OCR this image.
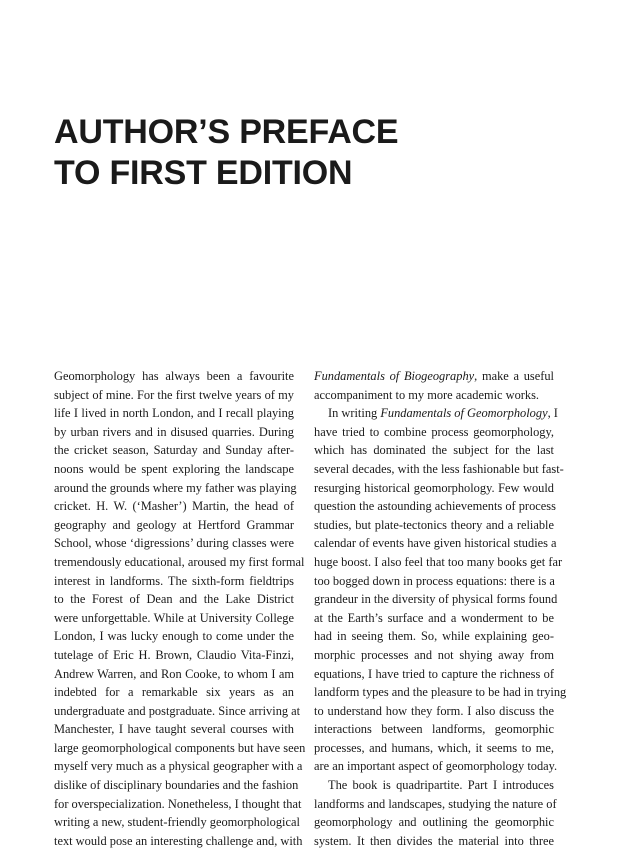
AUTHOR’S PREFACE
TO FIRST EDITION
Geomorphology has always been a favourite
subject of mine. For the first twelve years of my
life I lived in north London, and I recall playing
by urban rivers and in disused quarries. During
the cricket season, Saturday and Sunday after-
noons would be spent exploring the landscape
around the grounds where my father was playing
cricket. H. W. (‘Masher’) Martin, the head of
geography and geology at Hertford Grammar
School, whose ‘digressions’ during classes were
tremendously educational, aroused my first formal
interest in landforms. The sixth-form fieldtrips
to the Forest of Dean and the Lake District
were unforgettable. While at University College
London, I was lucky enough to come under the
tutelage of Eric H. Brown, Claudio Vita-Finzi,
Andrew Warren, and Ron Cooke, to whom I am
indebted for a remarkable six years as an
undergraduate and postgraduate. Since arriving at
Manchester, I have taught several courses with
large geomorphological components but have seen
myself very much as a physical geographer with a
dislike of disciplinary boundaries and the fashion
for overspecialization. Nonetheless, I thought that
writing a new, student-friendly geomorphological
text would pose an interesting challenge and, with
Fundamentals of Biogeography, make a useful
accompaniment to my more academic works.
In writing Fundamentals of Geomorphology, I
have tried to combine process geomorphology,
which has dominated the subject for the last
several decades, with the less fashionable but fast-
resurging historical geomorphology. Few would
question the astounding achievements of process
studies, but plate-tectonics theory and a reliable
calendar of events have given historical studies a
huge boost. I also feel that too many books get far
too bogged down in process equations: there is a
grandeur in the diversity of physical forms found
at the Earth’s surface and a wonderment to be
had in seeing them. So, while explaining geo-
morphic processes and not shying away from
equations, I have tried to capture the richness of
landform types and the pleasure to be had in trying
to understand how they form. I also discuss the
interactions between landforms, geomorphic
processes, and humans, which, it seems to me,
are an important aspect of geomorphology today.
The book is quadripartite. Part I introduces
landforms and landscapes, studying the nature of
geomorphology and outlining the geomorphic
system. It then divides the material into three
